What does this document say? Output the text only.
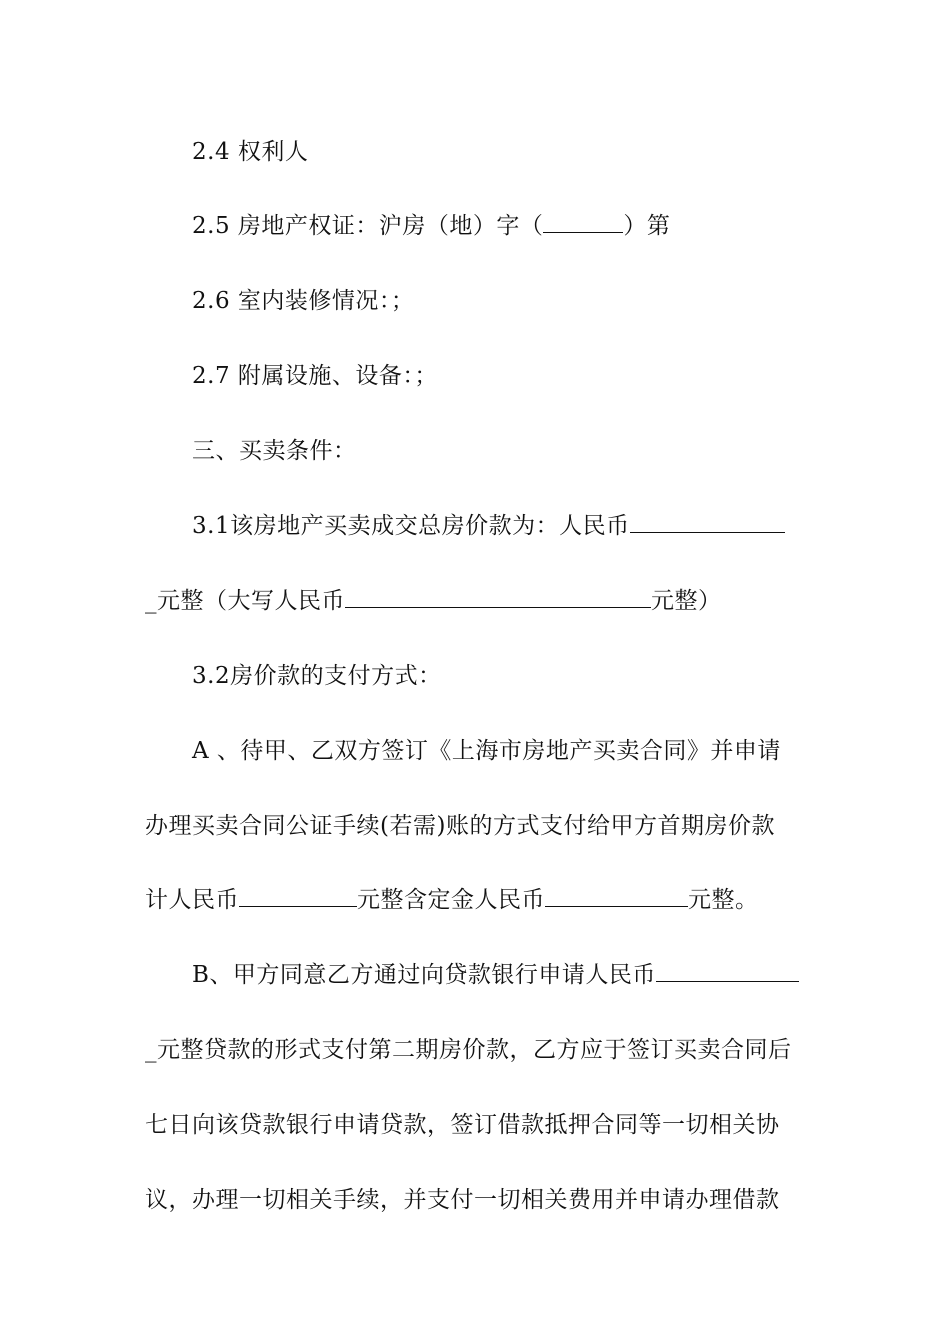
2.4 权利人
2.5 房地产权证：沪房（地）字（	）第
2.6 室内装修情况：；
2.7 附属设施、设备：；
三、买卖条件：
3.1该房地产买卖成交总房价款为：人民币
_元整（大写人民币	元整）
3.2房价款的支付方式：
A 、待甲、乙双方签订《上海市房地产买卖合同》并申请
办理买卖合同公证手续(若需)账的方式支付给甲方首期房价款
计人民币	元整含定金人民币	元整。
B、甲方同意乙方通过向贷款银行申请人民币
_元整贷款的形式支付第二期房价款，乙方应于签订买卖合同后
七日向该贷款银行申请贷款，签订借款抵押合同等一切相关协
议，办理一切相关手续，并支付一切相关费用并申请办理借款
